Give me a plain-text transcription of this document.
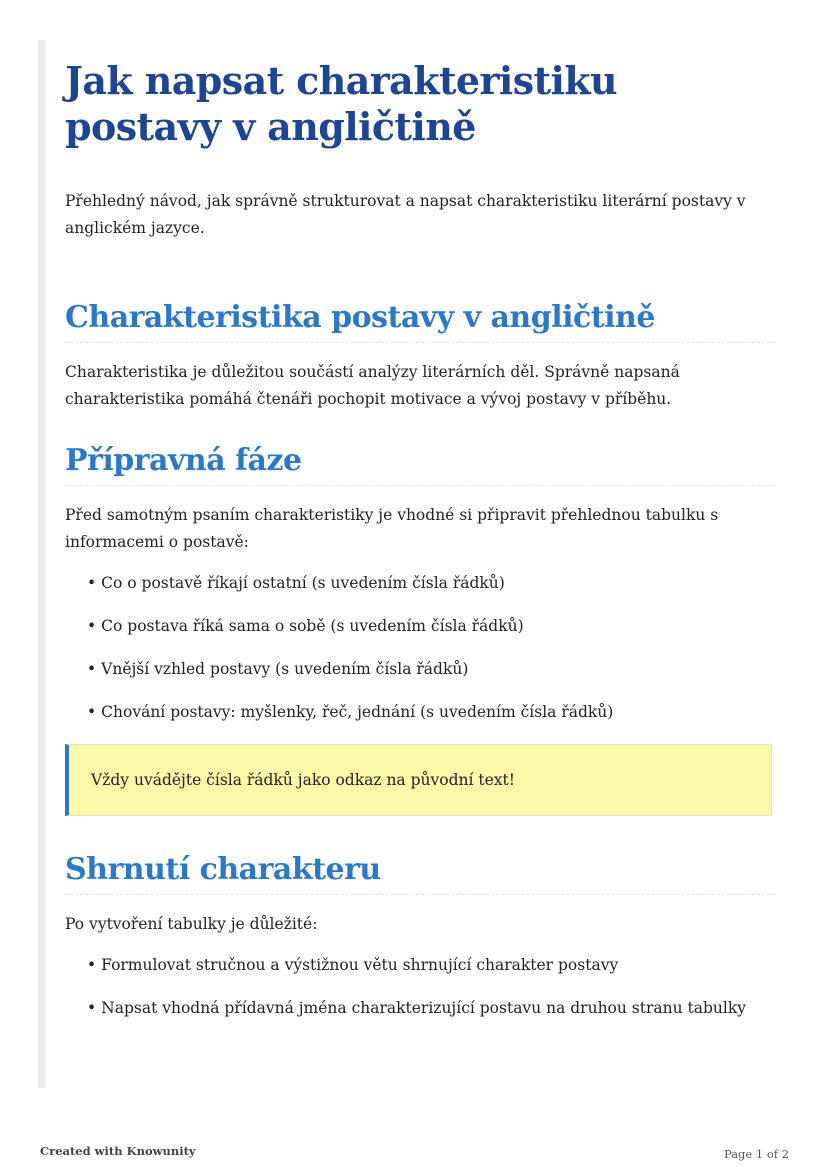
Jak napsat charakteristiku postavy v angličtině

Přehledný návod, jak správně strukturovat a napsat charakteristiku literární postavy v anglickém jazyce.

Charakteristika postavy v angličtině

Charakteristika je důležitou součástí analýzy literárních děl. Správně napsaná charakteristika pomáhá čtenáři pochopit motivace a vývoj postavy v příběhu.

Přípravná fáze

Před samotným psaním charakteristiky je vhodné si připravit přehlednou tabulku s informacemi o postavě:

• Co o postavě říkají ostatní (s uvedením čísla řádků)
• Co postava říká sama o sobě (s uvedením čísla řádků)
• Vnější vzhled postavy (s uvedením čísla řádků)
• Chování postavy: myšlenky, řeč, jednání (s uvedením čísla řádků)
Vždy uvádějte čísla řádků jako odkaz na původní text!
Shrnutí charakteru

Po vytvoření tabulky je důležité:

• Formulovat stručnou a výstižnou větu shrnující charakter postavy
• Napsat vhodná přídavná jména charakterizující postavu na druhou stranu tabulky
Created with Knowunity	Page 1 of 2
